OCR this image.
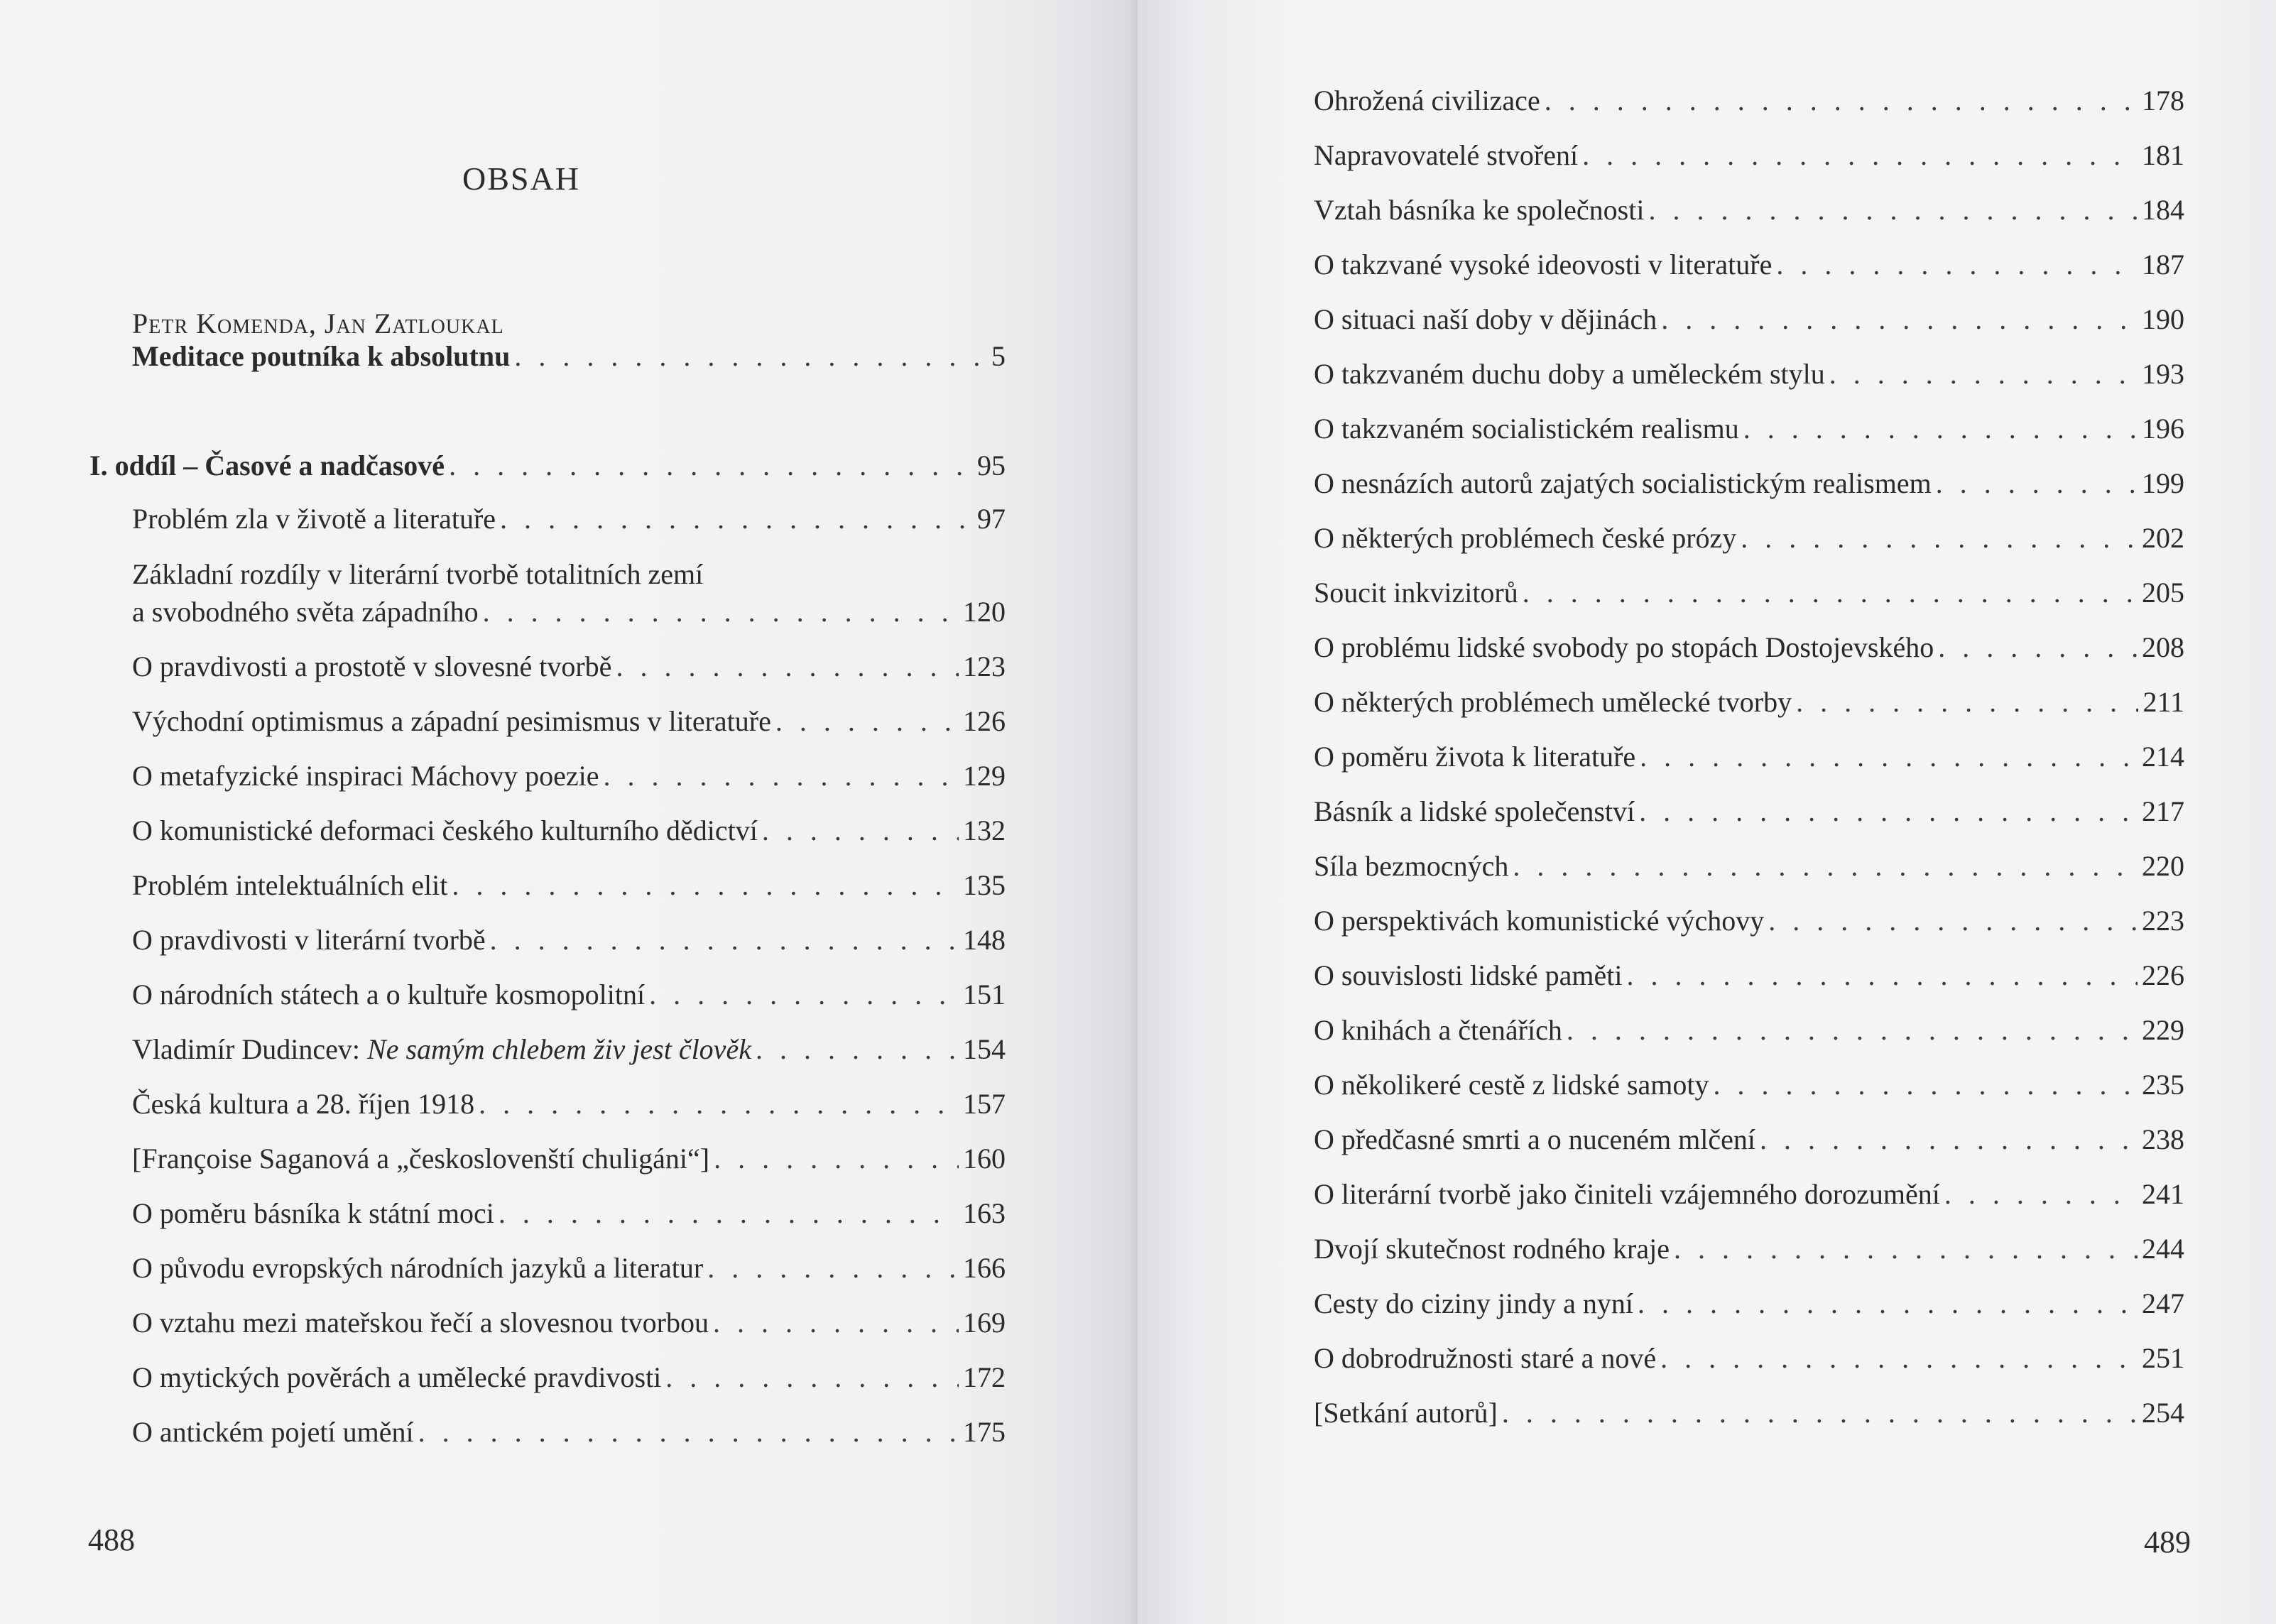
OBSAH
Petr Komenda, Jan Zatloukal
Meditace poutníka k absolutnu . . .	5
I. oddíl – Časové a nadčasové . . .	95
Problém zla v životě a literatuře . . .	97
Základní rozdíly v literární tvorbě totalitních zemí
a svobodného světa západního . . .	120
O pravdivosti a prostotě v slovesné tvorbě . . .	123
Východní optimismus a západní pesimismus v literatuře . . .	126
O metafyzické inspiraci Máchovy poezie . . .	129
O komunistické deformaci českého kulturního dědictví . . .	132
Problém intelektuálních elit . . .	135
O pravdivosti v literární tvorbě . . .	148
O národních státech a o kultuře kosmopolitní . . .	151
Vladimír Dudincev: Ne samým chlebem živ jest člověk . . .	154
Česká kultura a 28. říjen 1918 . . .	157
[Françoise Saganová a „českoslovenští chuligáni“] . . .	160
O poměru básníka k státní moci . . .	163
O původu evropských národních jazyků a literatur . . .	166
O vztahu mezi mateřskou řečí a slovesnou tvorbou . . .	169
O mytických pověrách a umělecké pravdivosti . . .	172
O antickém pojetí umění . . .	175
488
Ohrožená civilizace . . .	178
Napravovatelé stvoření . . .	181
Vztah básníka ke společnosti . . .	184
O takzvané vysoké ideovosti v literatuře . . .	187
O situaci naší doby v dějinách . . .	190
O takzvaném duchu doby a uměleckém stylu . . .	193
O takzvaném socialistickém realismu . . .	196
O nesnázích autorů zajatých socialistickým realismem . . .	199
O některých problémech české prózy . . .	202
Soucit inkvizitorů . . .	205
O problému lidské svobody po stopách Dostojevského . . .	208
O některých problémech umělecké tvorby . . .	211
O poměru života k literatuře . . .	214
Básník a lidské společenství . . .	217
Síla bezmocných . . .	220
O perspektivách komunistické výchovy . . .	223
O souvislosti lidské paměti . . .	226
O knihách a čtenářích . . .	229
O několikeré cestě z lidské samoty . . .	235
O předčasné smrti a o nuceném mlčení . . .	238
O literární tvorbě jako činiteli vzájemného dorozumění . . .	241
Dvojí skutečnost rodného kraje . . .	244
Cesty do ciziny jindy a nyní . . .	247
O dobrodružnosti staré a nové . . .	251
[Setkání autorů] . . .	254
489
